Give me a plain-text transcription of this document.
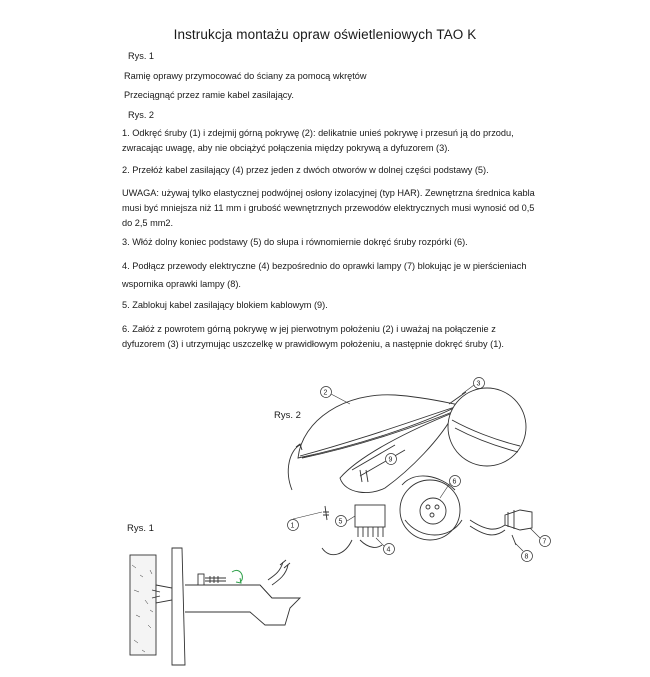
Instrukcja montażu opraw oświetleniowych TAO K
Rys. 1
Ramię oprawy przymocować do ściany za pomocą wkrętów
Przeciągnąć przez ramie kabel zasilający.
Rys. 2
1. Odkręć śruby (1) i zdejmij górną pokrywę (2): delikatnie unieś pokrywę i przesuń ją do przodu,
zwracając uwagę, aby nie obciążyć połączenia między pokrywą a dyfuzorem (3).
2. Przełóż kabel zasilający (4) przez jeden z dwóch otworów w dolnej części podstawy (5).
UWAGA: używaj tylko elastycznej podwójnej osłony izolacyjnej (typ HAR). Zewnętrzna średnica kabla
musi być mniejsza niż 11 mm i grubość wewnętrznych przewodów elektrycznych musi wynosić od 0,5
do 2,5 mm2.
3. Włóż dolny koniec podstawy (5) do słupa i równomiernie dokręć śruby rozpórki (6).
4. Podłącz przewody elektryczne (4) bezpośrednio do oprawki lampy (7) blokując je w pierścieniach
wspornika oprawki lampy (8).
5. Zablokuj kabel zasilający blokiem kablowym (9).
6. Załóż z powrotem górną pokrywę w jej pierwotnym położeniu (2) i uważaj na połączenie z
dyfuzorem (3) i utrzymując uszczelkę w prawidłowym położeniu, a następnie dokręć śruby (1).
Rys. 2
Rys. 1
2
3
9
6
5
1
4
7
8
